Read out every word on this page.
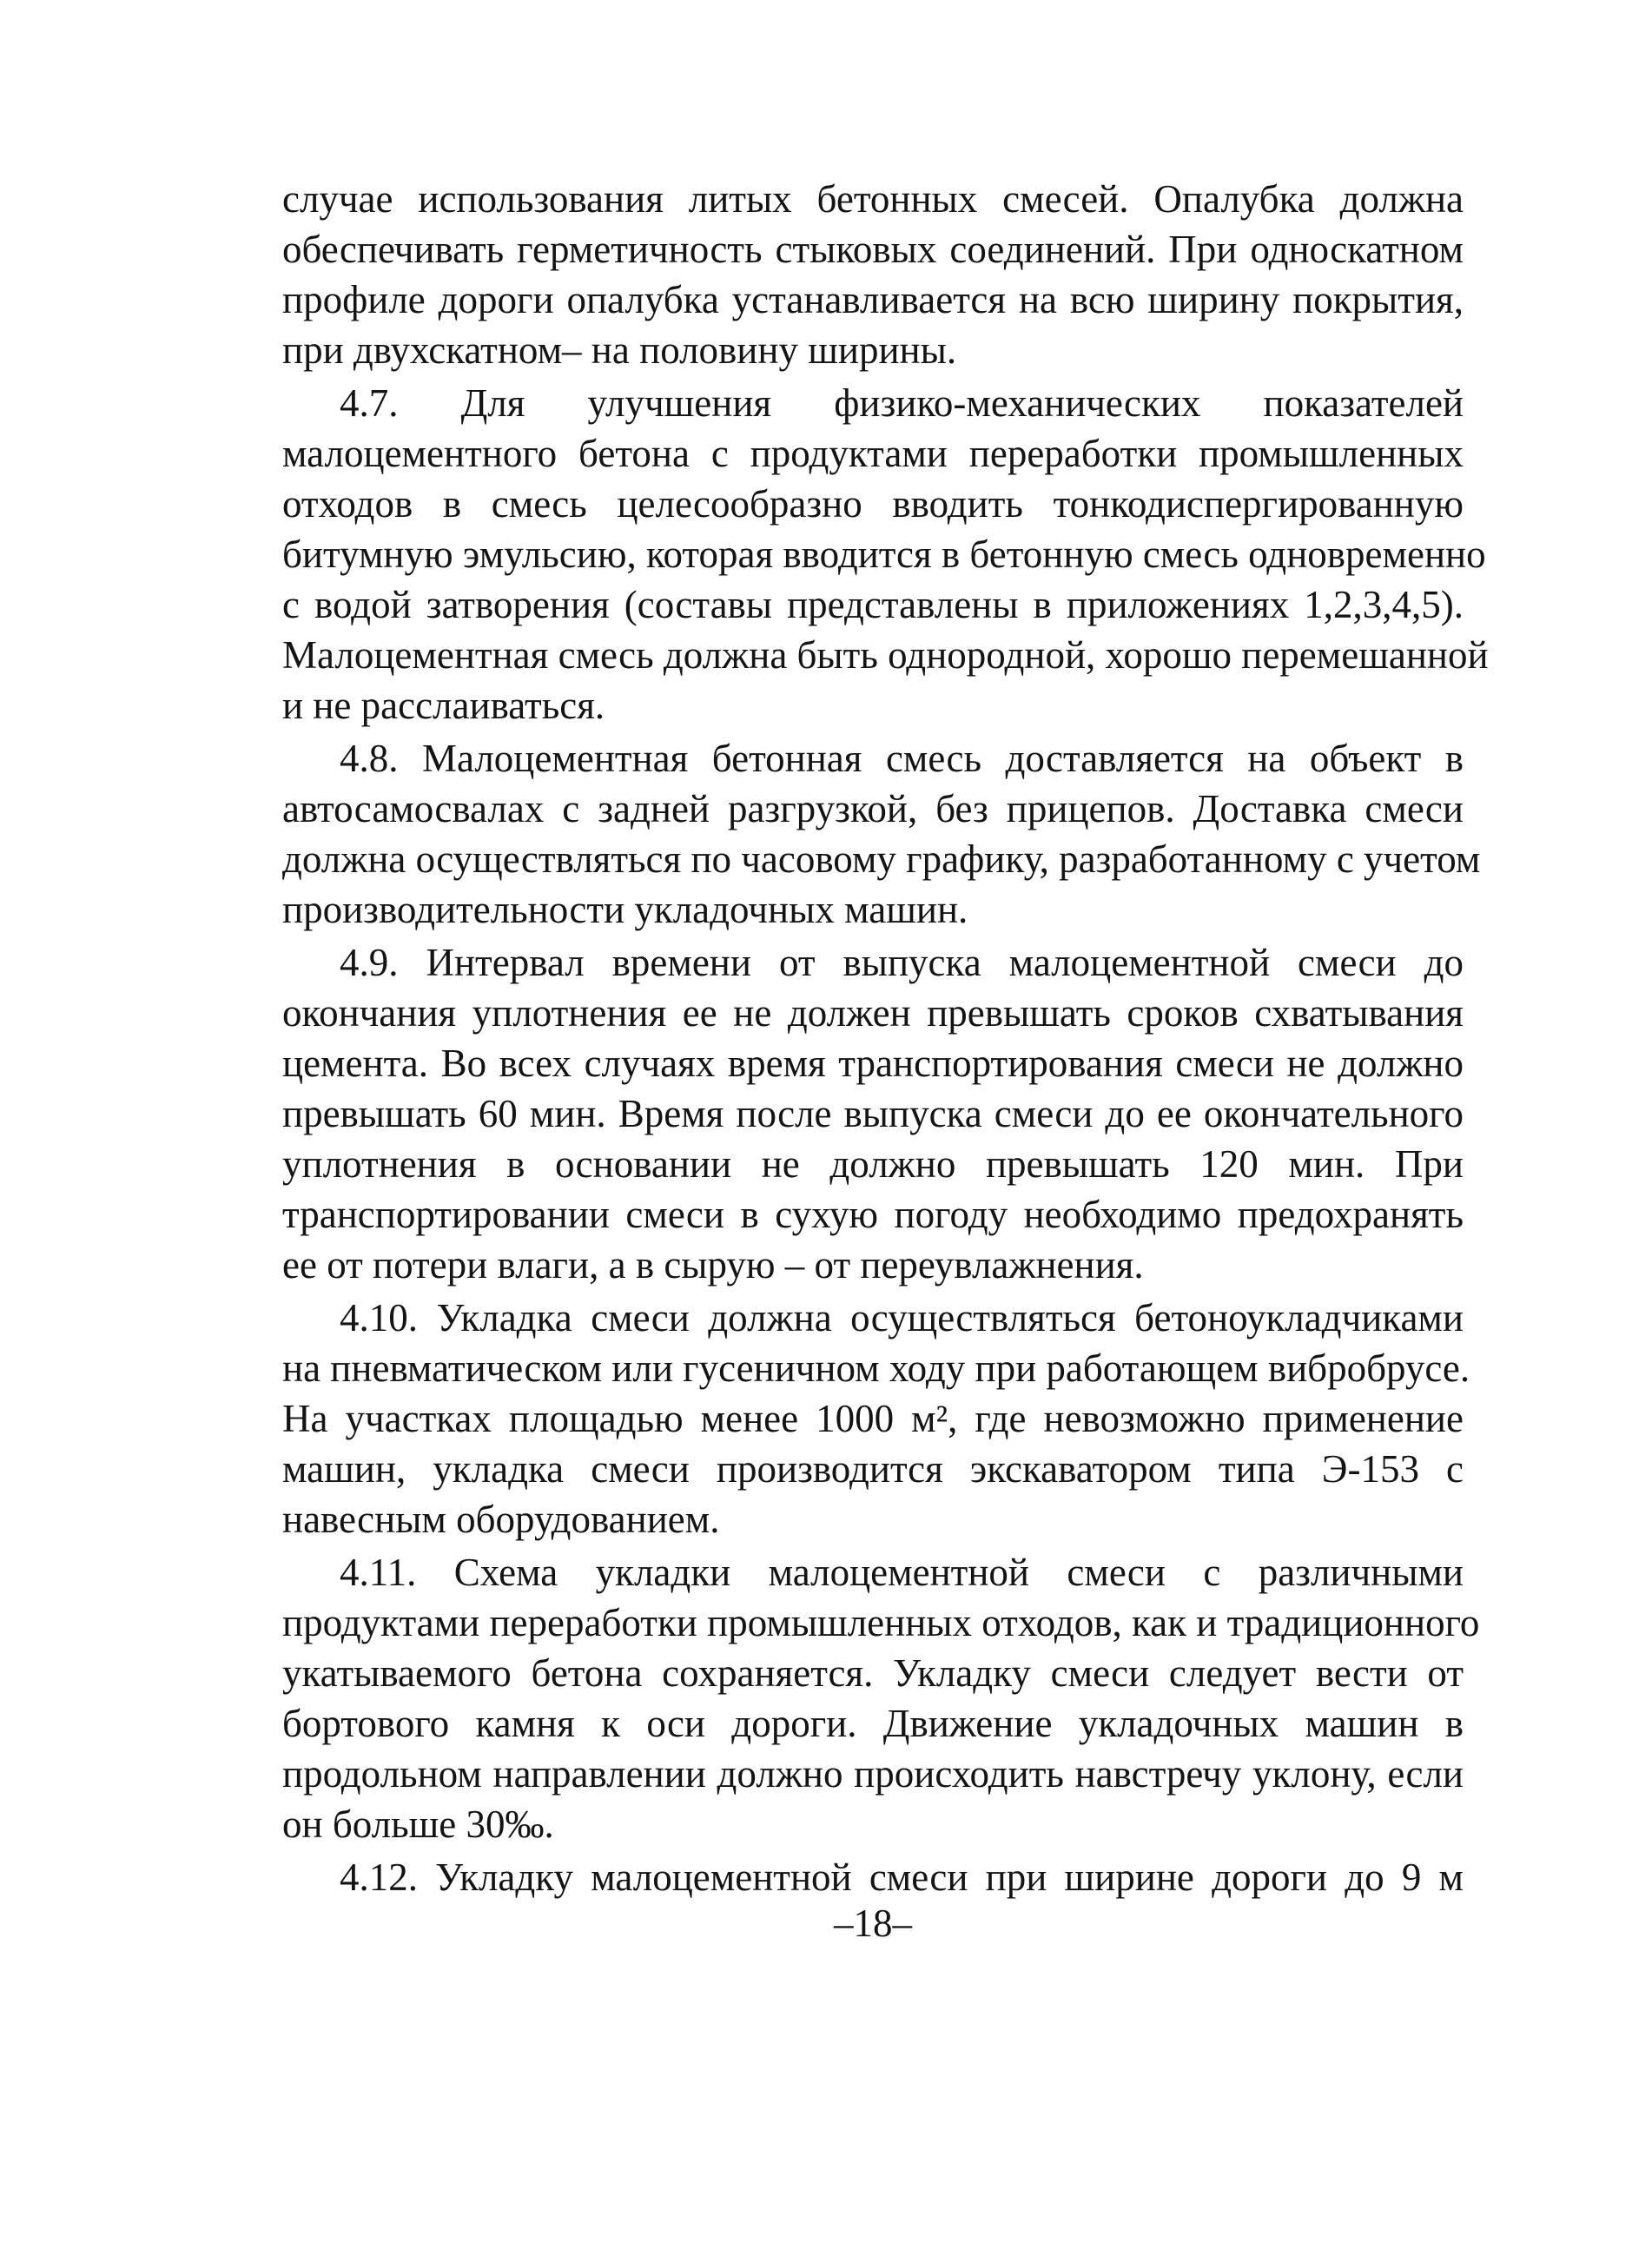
случае использования литых бетонных смесей. Опалубка должна
обеспечивать герметичность стыковых соединений. При односкатном
профиле дороги опалубка устанавливается на всю ширину покрытия,
при двухскатном– на половину ширины.
4.7. Для улучшения физико-механических показателей
малоцементного бетона с продуктами переработки промышленных
отходов в смесь целесообразно вводить тонкодиспергированную
битумную эмульсию, которая вводится в бетонную смесь одновременно
с водой затворения (составы представлены в приложениях 1,2,3,4,5).
Малоцементная смесь должна быть однородной, хорошо перемешанной
и не расслаиваться.
4.8. Малоцементная бетонная смесь доставляется на объект в
автосамосвалах с задней разгрузкой, без прицепов. Доставка смеси
должна осуществляться по часовому графику, разработанному с учетом
производительности укладочных машин.
4.9. Интервал времени от выпуска малоцементной смеси до
окончания уплотнения ее не должен превышать сроков схватывания
цемента. Во всех случаях время транспортирования смеси не должно
превышать 60 мин. Время после выпуска смеси до ее окончательного
уплотнения в основании не должно превышать 120 мин. При
транспортировании смеси в сухую погоду необходимо предохранять
ее от потери влаги, а в сырую – от переувлажнения.
4.10. Укладка смеси должна осуществляться бетоноукладчиками
на пневматическом или гусеничном ходу при работающем вибробрусе.
На участках площадью менее 1000 м², где невозможно применение
машин, укладка смеси производится экскаватором типа Э-153 с
навесным оборудованием.
4.11. Схема укладки малоцементной смеси с различными
продуктами переработки промышленных отходов, как и традиционного
укатываемого бетона сохраняется. Укладку смеси следует вести от
бортового камня к оси дороги. Движение укладочных машин в
продольном направлении должно происходить навстречу уклону, если
он больше 30‰.
4.12. Укладку малоцементной смеси при ширине дороги до 9 м
–18–
